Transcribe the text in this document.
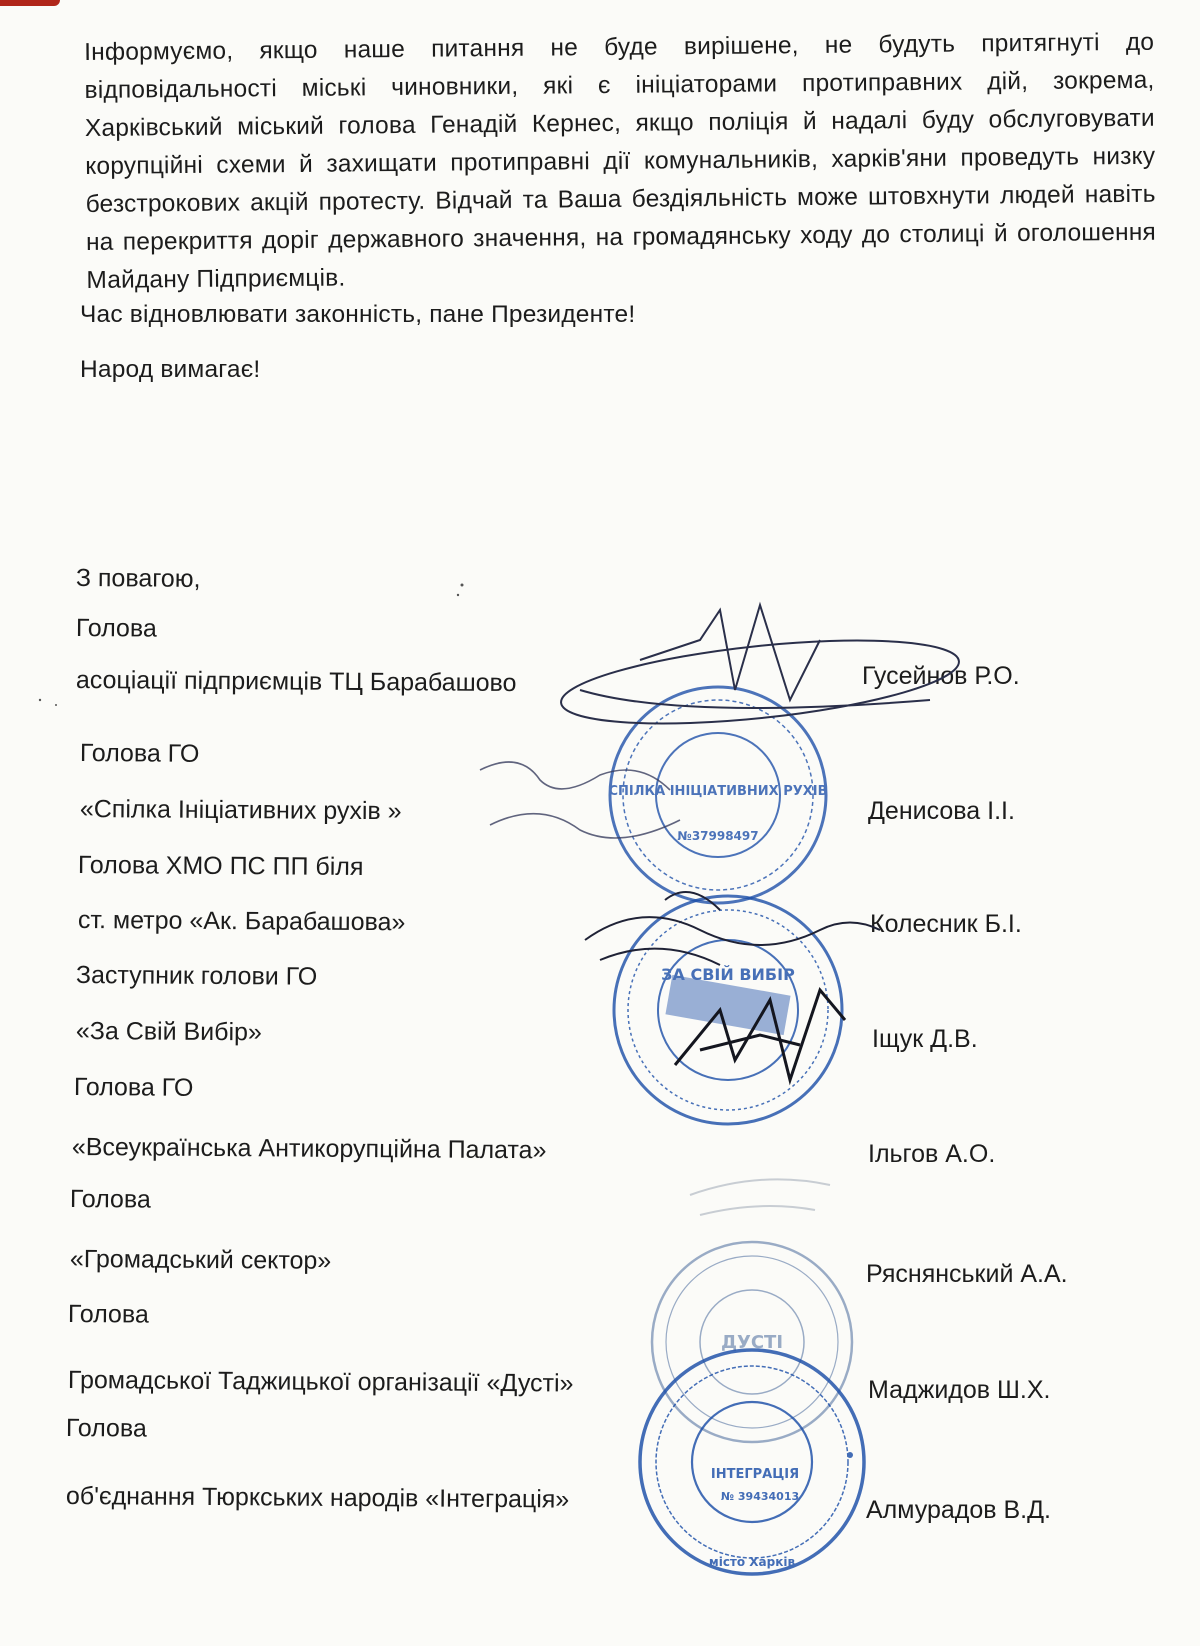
Інформуємо, якщо наше питання не буде вирішене, не будуть притягнуті до відповідальності міські чиновники, які є ініціаторами протиправних дій, зокрема, Харківський міський голова Генадій Кернес, якщо поліція й надалі буду обслуговувати корупційні схеми й захищати протиправні дії комунальників, харків'яни проведуть низку безстрокових акцій протесту. Відчай та Ваша бездіяльність може штовхнути людей навіть на перекриття доріг державного значення, на громадянську ходу до столиці й оголошення Майдану Підприємців.
Час відновлювати законність, пане Президенте!
Народ вимагає!
З повагою,
Голова
асоціації підприємців ТЦ Барабашово	Гусейнов Р.О.
Голова ГО
«Спілка Ініціативних рухів »	Денисова І.І.
Голова ХМО ПС ПП біля
ст. метро «Ак. Барабашова»	Колесник Б.І.
Заступник голови ГО
«За Свій Вибір»	Іщук Д.В.
Голова ГО
«Всеукраїнська Антикорупційна Палата»	Ільгов А.О.
Голова
«Громадський сектор»	Ряснянський А.А.
Голова
Громадської Таджицької організації «Дусті»	Маджидов Ш.Х.
Голова
об'єднання Тюркських народів «Інтеграція»	Алмурадов В.Д.
СПІЛКА ІНІЦІАТИВНИХ РУХІВ
№37998497
ЗА СВІЙ ВИБІР
ДУСТІ
ІНТЕГРАЦІЯ
№ 39434013
місто Харків
